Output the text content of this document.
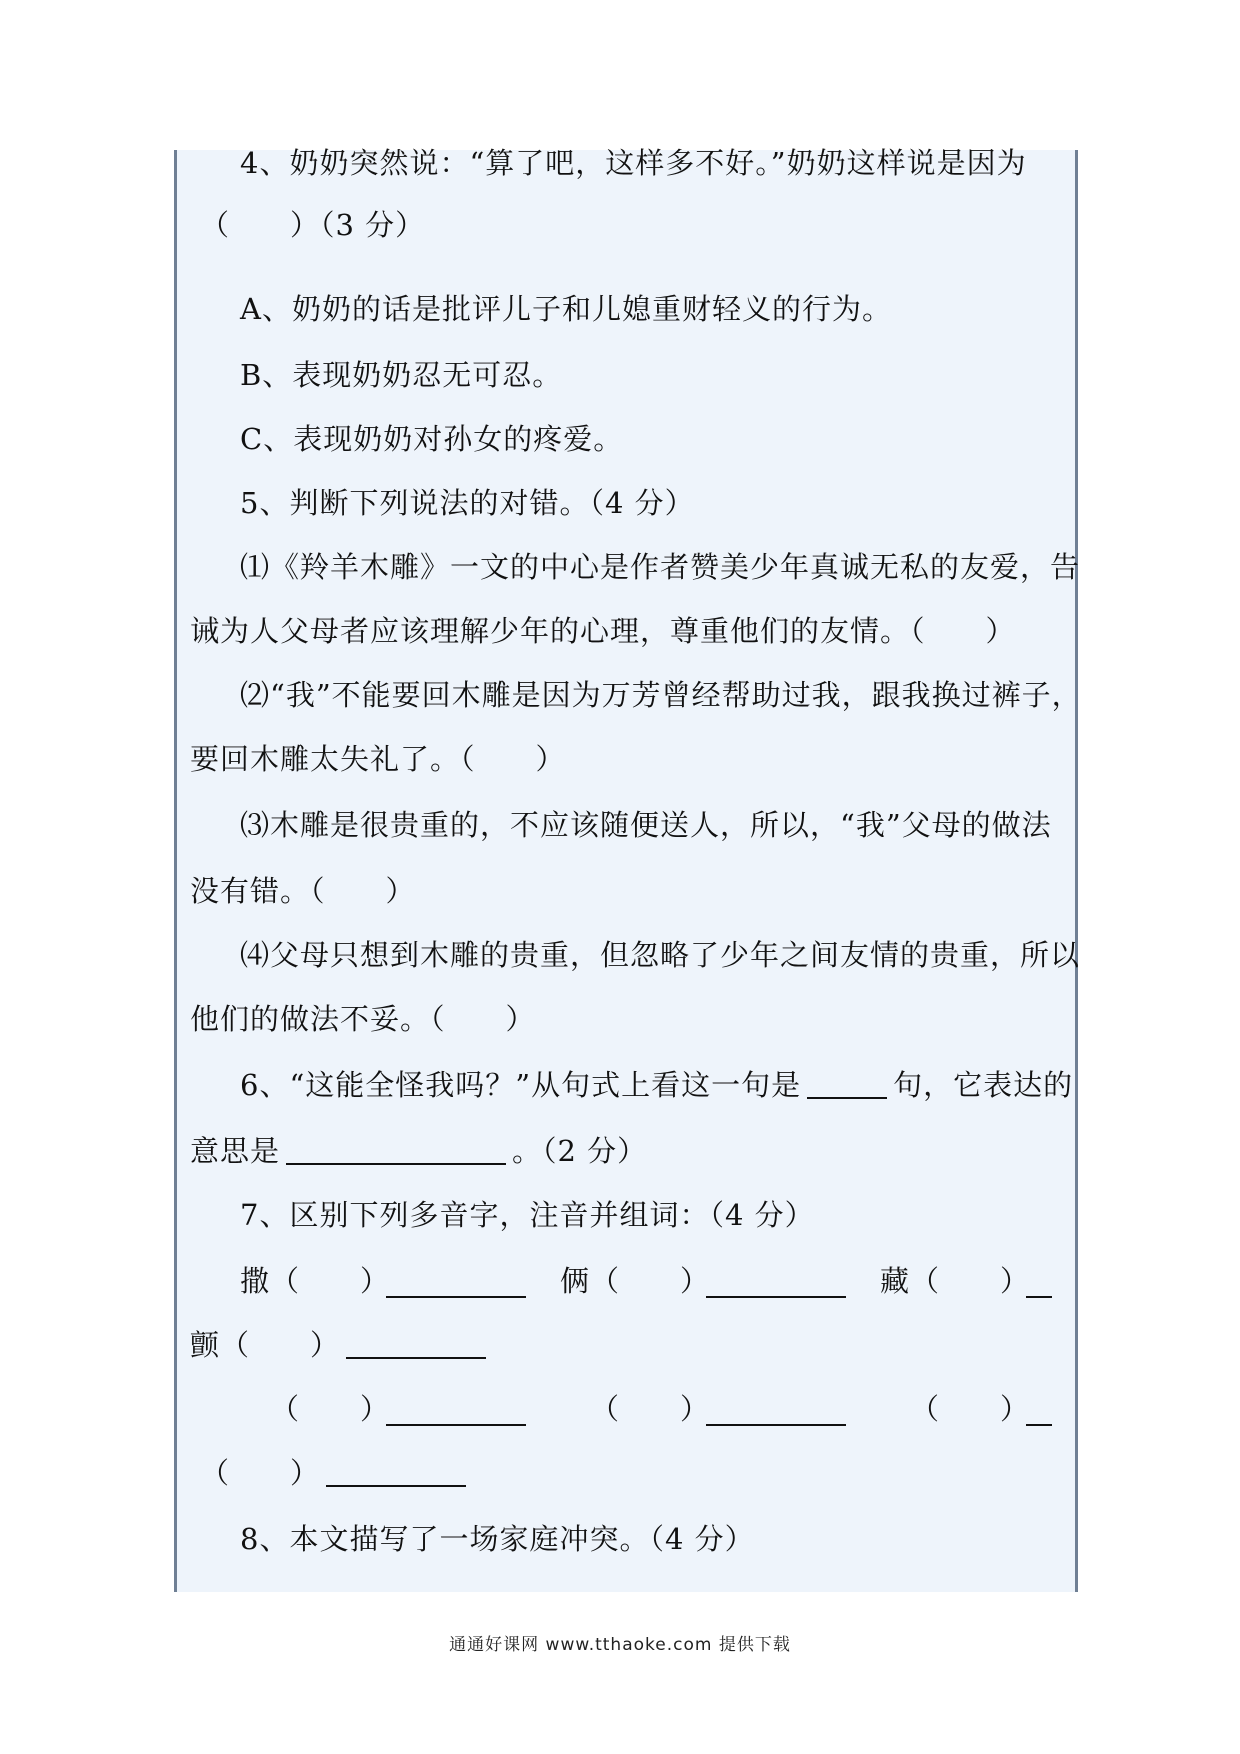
4、奶奶突然说：“算了吧，这样多不好。”奶奶这样说是因为
（　　）（3 分）
A、奶奶的话是批评儿子和儿媳重财轻义的行为。
B、表现奶奶忍无可忍。
C、表现奶奶对孙女的疼爱。
5、判断下列说法的对错。（4 分）
⑴《羚羊木雕》一文的中心是作者赞美少年真诚无私的友爱，告
诫为人父母者应该理解少年的心理，尊重他们的友情。（　　）
⑵“我”不能要回木雕是因为万芳曾经帮助过我，跟我换过裤子，
要回木雕太失礼了。（　　）
⑶木雕是很贵重的，不应该随便送人，所以，“我”父母的做法
没有错。（　　）
⑷父母只想到木雕的贵重，但忽略了少年之间友情的贵重，所以
他们的做法不妥。（　　）
6、“这能全怪我吗？”从句式上看这一句是	句，它表达的
意思是	。（2 分）
7、区别下列多音字，注音并组词：（4 分）
撒（　　）	俩（　　）	藏（　　）
颤（　　）
（　　）	（　　）	（　　）
（　　）
8、本文描写了一场家庭冲突。（4 分）
通通好课网 www.tthaoke.com 提供下载
